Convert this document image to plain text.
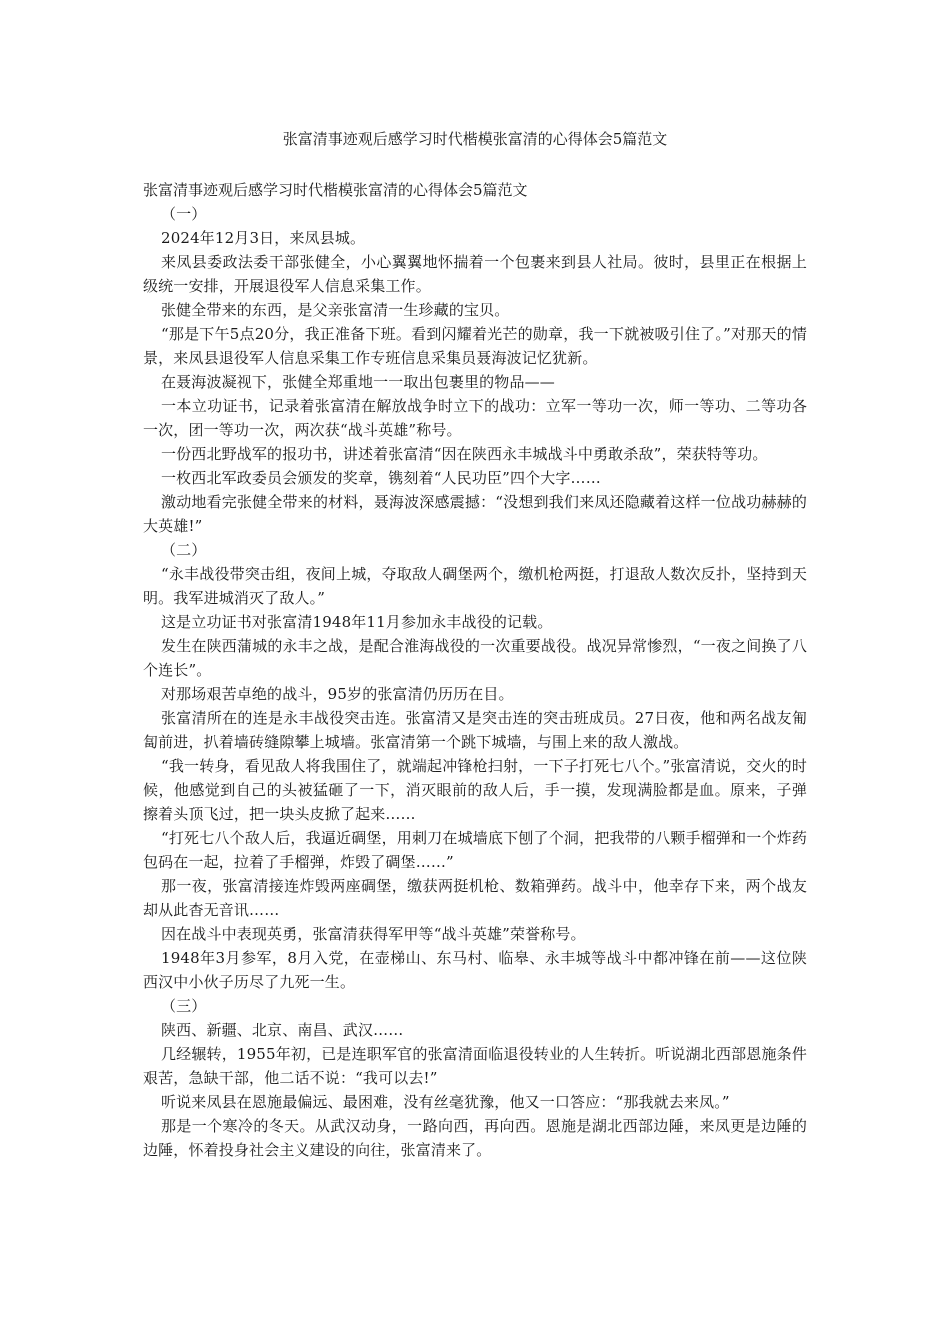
张富清事迹观后感学习时代楷模张富清的心得体会5篇范文

张富清事迹观后感学习时代楷模张富清的心得体会5篇范文

（一）

2024年12月3日，来凤县城。

来凤县委政法委干部张健全，小心翼翼地怀揣着一个包裹来到县人社局。彼时，县里正在根据上级统一安排，开展退役军人信息采集工作。

张健全带来的东西，是父亲张富清一生珍藏的宝贝。

“那是下午5点20分，我正准备下班。看到闪耀着光芒的勋章，我一下就被吸引住了。”对那天的情景，来凤县退役军人信息采集工作专班信息采集员聂海波记忆犹新。

在聂海波凝视下，张健全郑重地一一取出包裹里的物品——

一本立功证书，记录着张富清在解放战争时立下的战功：立军一等功一次，师一等功、二等功各一次，团一等功一次，两次获“战斗英雄”称号。

一份西北野战军的报功书，讲述着张富清“因在陕西永丰城战斗中勇敢杀敌”，荣获特等功。

一枚西北军政委员会颁发的奖章，镌刻着“人民功臣”四个大字……

激动地看完张健全带来的材料，聂海波深感震撼：“没想到我们来凤还隐藏着这样一位战功赫赫的大英雄!”

（二）

“永丰战役带突击组，夜间上城，夺取敌人碉堡两个，缴机枪两挺，打退敌人数次反扑，坚持到天明。我军进城消灭了敌人。”

这是立功证书对张富清1948年11月参加永丰战役的记载。

发生在陕西蒲城的永丰之战，是配合淮海战役的一次重要战役。战况异常惨烈，“一夜之间换了八个连长”。

对那场艰苦卓绝的战斗，95岁的张富清仍历历在目。

张富清所在的连是永丰战役突击连。张富清又是突击连的突击班成员。27日夜，他和两名战友匍匐前进，扒着墙砖缝隙攀上城墙。张富清第一个跳下城墙，与围上来的敌人激战。

“我一转身，看见敌人将我围住了，就端起冲锋枪扫射，一下子打死七八个。”张富清说，交火的时候，他感觉到自己的头被猛砸了一下，消灭眼前的敌人后，手一摸，发现满脸都是血。原来，子弹擦着头顶飞过，把一块头皮掀了起来……

“打死七八个敌人后，我逼近碉堡，用刺刀在城墙底下刨了个洞，把我带的八颗手榴弹和一个炸药包码在一起，拉着了手榴弹，炸毁了碉堡……”

那一夜，张富清接连炸毁两座碉堡，缴获两挺机枪、数箱弹药。战斗中，他幸存下来，两个战友却从此杳无音讯……

因在战斗中表现英勇，张富清获得军甲等“战斗英雄”荣誉称号。

1948年3月参军，8月入党，在壶梯山、东马村、临皋、永丰城等战斗中都冲锋在前——这位陕西汉中小伙子历尽了九死一生。

（三）

陕西、新疆、北京、南昌、武汉……

几经辗转，1955年初，已是连职军官的张富清面临退役转业的人生转折。听说湖北西部恩施条件艰苦，急缺干部，他二话不说：“我可以去!”

听说来凤县在恩施最偏远、最困难，没有丝毫犹豫，他又一口答应：“那我就去来凤。”

那是一个寒冷的冬天。从武汉动身，一路向西，再向西。恩施是湖北西部边陲，来凤更是边陲的边陲，怀着投身社会主义建设的向往，张富清来了。
